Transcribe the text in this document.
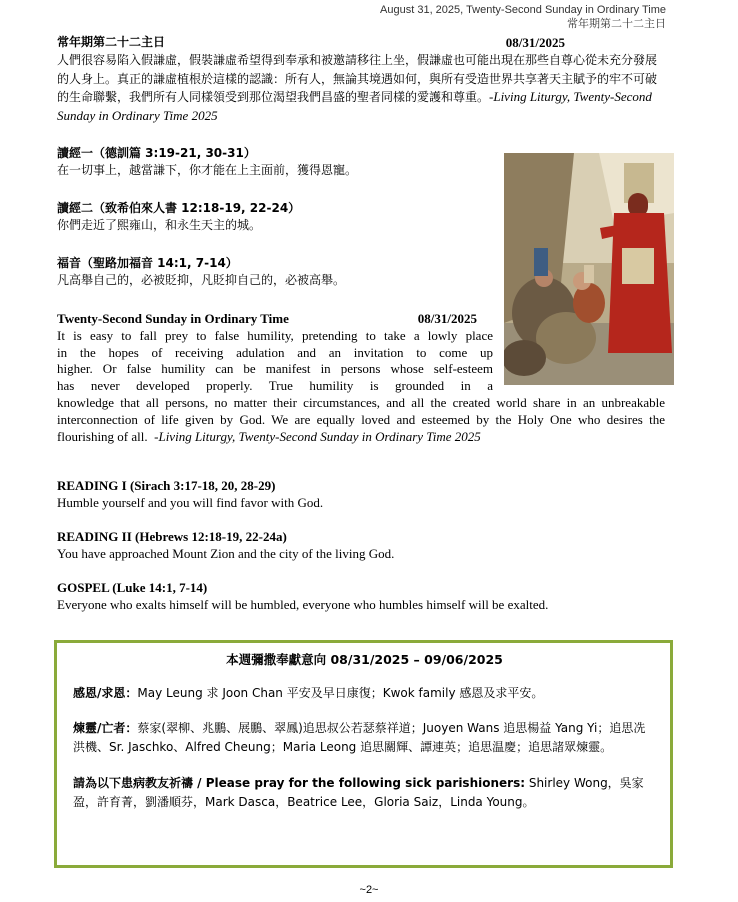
August 31, 2025, Twenty-Second Sunday in Ordinary Time
常年期第二十二主日
常年期第二十二主日	08/31/2025

人們很容易陷入假謙虛，假裝謙虛希望得到奉承和被邀請移往上坐，假謙虛也可能出現在那些自尊心從未充分發展的人身上。真正的謙虛植根於這樣的認識：所有人，無論其境遇如何，與所有受造世界共享著天主賦予的牢不可破的生命聯繫，我們所有人同樣領受到那位渴望我們昌盛的聖者同樣的愛護和尊重。-Living Liturgy, Twenty-Second Sunday in Ordinary Time 2025

讀經一（德訓篇 3:19-21, 30-31）
在一切事上，越當謙下，你才能在上主面前，獲得恩寵。
讀經二（致希伯來人書 12:18-19, 22-24）
你們走近了熙雍山，和永生天主的城。
福音（聖路加福音 14:1, 7-14）
凡高舉自己的，必被貶抑，凡貶抑自己的，必被高舉。
Twenty-Second Sunday in Ordinary Time	08/31/2025
It is easy to fall prey to false humility, pretending to take a lowly place
in the hopes of receiving adulation and an invitation to come up
higher. Or false humility can be manifest in persons whose self-esteem
has never developed properly. True humility is grounded in a

knowledge that all persons, no matter their circumstances, and all the created world share in an unbreakable interconnection of life given by God. We are equally loved and esteemed by the Holy One who desires the flourishing of all. -Living Liturgy, Twenty-Second Sunday in Ordinary Time 2025

READING I (Sirach 3:17-18, 20, 28-29)
Humble yourself and you will find favor with God.
READING II (Hebrews 12:18-19, 22-24a)
You have approached Mount Zion and the city of the living God.
GOSPEL (Luke 14:1, 7-14)
Everyone who exalts himself will be humbled, everyone who humbles himself will be exalted.
本週彌撒奉獻意向 08/31/2025 – 09/06/2025

感恩/求恩：May Leung 求 Joon Chan 平安及早日康復；Kwok family 感恩及求平安。

煉靈/亡者：蔡家(翠柳、兆鵬、展鵬、翠鳳)追思叔公若瑟蔡祥道；Juoyen Wans 追思楊益 Yang Yi；追思冼洪機、Sr. Jaschko、Alfred Cheung；Maria Leong 追思關輝、譚連英；追思温慶；追思諸眾煉靈。

請為以下患病教友祈禱 / Please pray for the following sick parishioners: Shirley Wong，吳家盈，許育菁，劉潘順芬，Mark Dasca，Beatrice Lee，Gloria Saiz，Linda Young。

~2~
